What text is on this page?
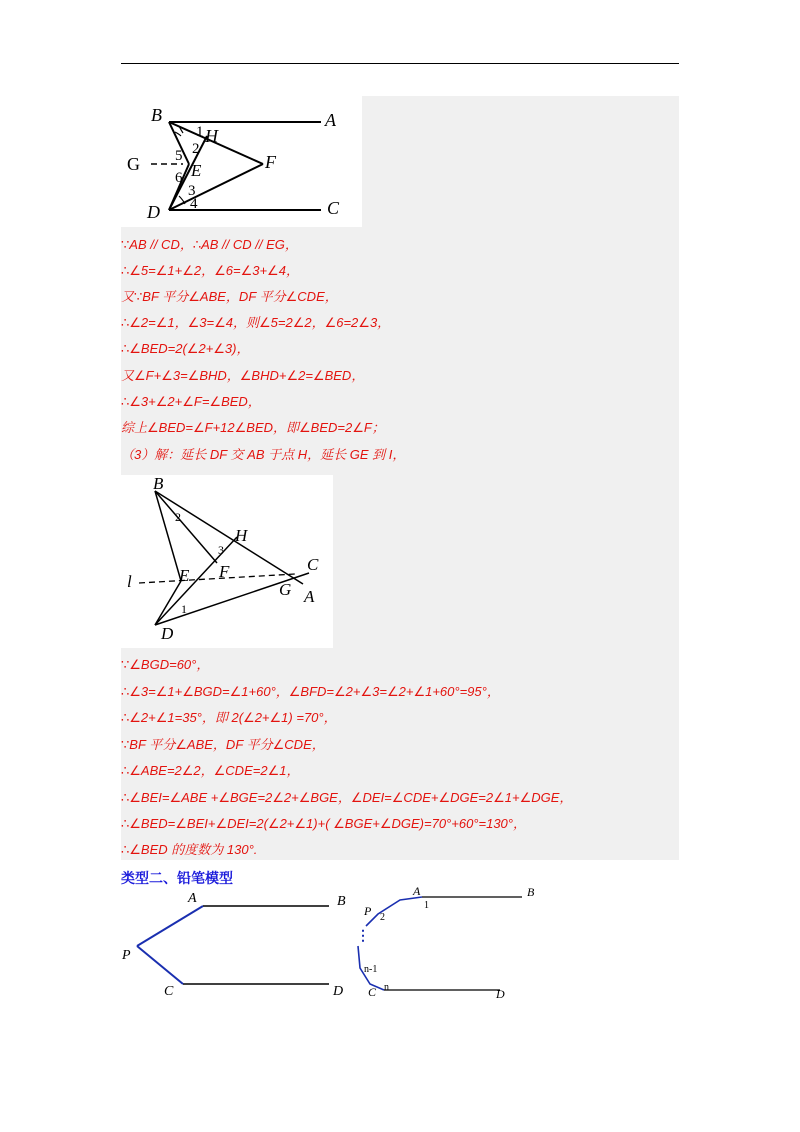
B	A
G	F
H
E
D	C
1
2
5
6
3
4
∵AB // CD，∴AB // CD // EG，
∴∠5=∠1+∠2，∠6=∠3+∠4，
又∵BF 平分∠ABE，DF 平分∠CDE，
∴∠2=∠1，∠3=∠4，则∠5=2∠2，∠6=2∠3，
∴∠BED=2(∠2+∠3)，
又∠F+∠3=∠BHD，∠BHD+∠2=∠BED，
∴∠3+∠2+∠F=∠BED，
综上∠BED=∠F+12∠BED，即∠BED=2∠F；
（3）解：延长 DF 交 AB 于点 H，延长 GE 到 I，
B
H
C
l	E F
G A
D
2
3
1
∵∠BGD=60°，
∴∠3=∠1+∠BGD=∠1+60°，∠BFD=∠2+∠3=∠2+∠1+60°=95°，
∴∠2+∠1=35°，即 2(∠2+∠1) =70°，
∵BF 平分∠ABE，DF 平分∠CDE，
∴∠ABE=2∠2，∠CDE=2∠1，
∴∠BEI=∠ABE +∠BGE=2∠2+∠BGE，∠DEI=∠CDE+∠DGE=2∠1+∠DGE，
∴∠BED=∠BEI+∠DEI=2(∠2+∠1)+( ∠BGE+∠DGE)=70°+60°=130°，
∴∠BED 的度数为 130°.
类型二、铅笔模型
A	B
P
C	D
⋮
A	B
P
C	D
1
2
n-1
n
